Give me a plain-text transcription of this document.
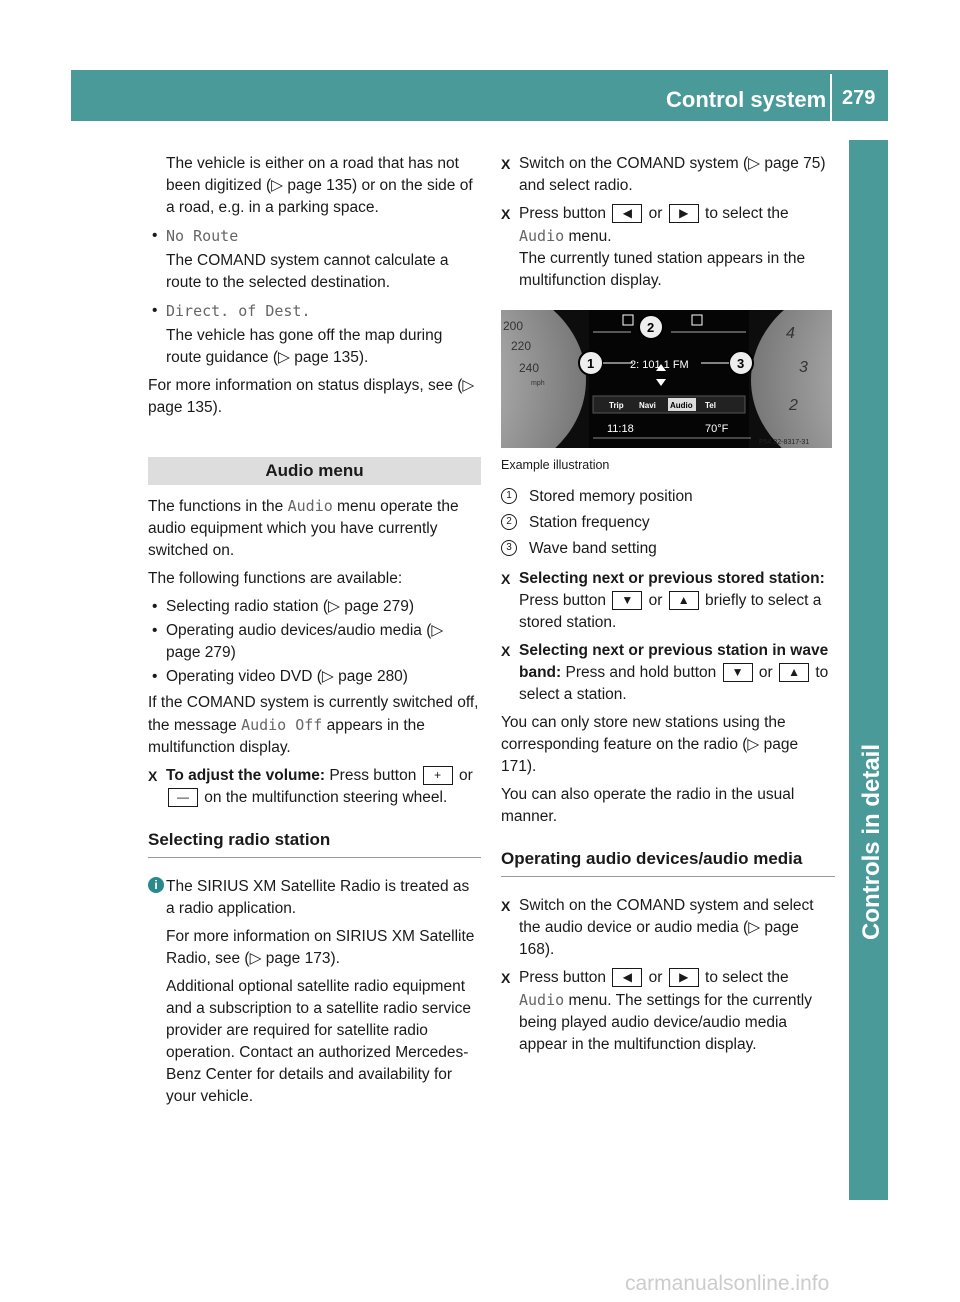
Control system 279
Controls in detail

The vehicle is either on a road that has not been digitized (▷ page 135) or on the side of a road, e.g. in a parking space.

• No Route

The COMAND system cannot calculate a route to the selected destination.

• Direct. of Dest.

The vehicle has gone off the map during route guidance (▷ page 135).

For more information on status displays, see (▷ page 135).

Audio menu

The functions in the Audio menu operate the audio equipment which you have currently switched on.

The following functions are available:

• Selecting radio station (▷ page 279)
• Operating audio devices/audio media (▷ page 279)
• Operating video DVD (▷ page 280)

If the COMAND system is currently switched off, the message Audio Off appears in the multifunction display.

X To adjust the volume: Press button + or — on the multifunction steering wheel.
Selecting radio station
i The SIRIUS XM Satellite Radio is treated as a radio application.

For more information on SIRIUS XM Satellite Radio, see (▷ page 173).

Additional optional satellite radio equipment and a subscription to a satellite radio service provider are required for satellite radio operation. Contact an authorized Mercedes-Benz Center for details and availability for your vehicle.

X Switch on the COMAND system (▷ page 75) and select radio.
X Press button ◀ or ▶ to select the Audio menu.
The currently tuned station appears in the multifunction display.
1
2
3
200
220
240
mph
4
3
2
2: 101.1 FM
Trip Navi Audio Tel
11:18	70°F
P54.32-8317-31
Example illustration
1	Stored memory position
2	Station frequency
3	Wave band setting
X Selecting next or previous stored station: Press button ▼ or ▲ briefly to select a stored station.
X Selecting next or previous station in wave band: Press and hold button ▼ or ▲ to select a station.

You can only store new stations using the corresponding feature on the radio (▷ page 171).

You can also operate the radio in the usual manner.

Operating audio devices/audio media
X Switch on the COMAND system and select the audio device or audio media (▷ page 168).
X Press button ◀ or ▶ to select the Audio menu. The settings for the currently being played audio device/audio media appear in the multifunction display.
carmanualsonline.info
